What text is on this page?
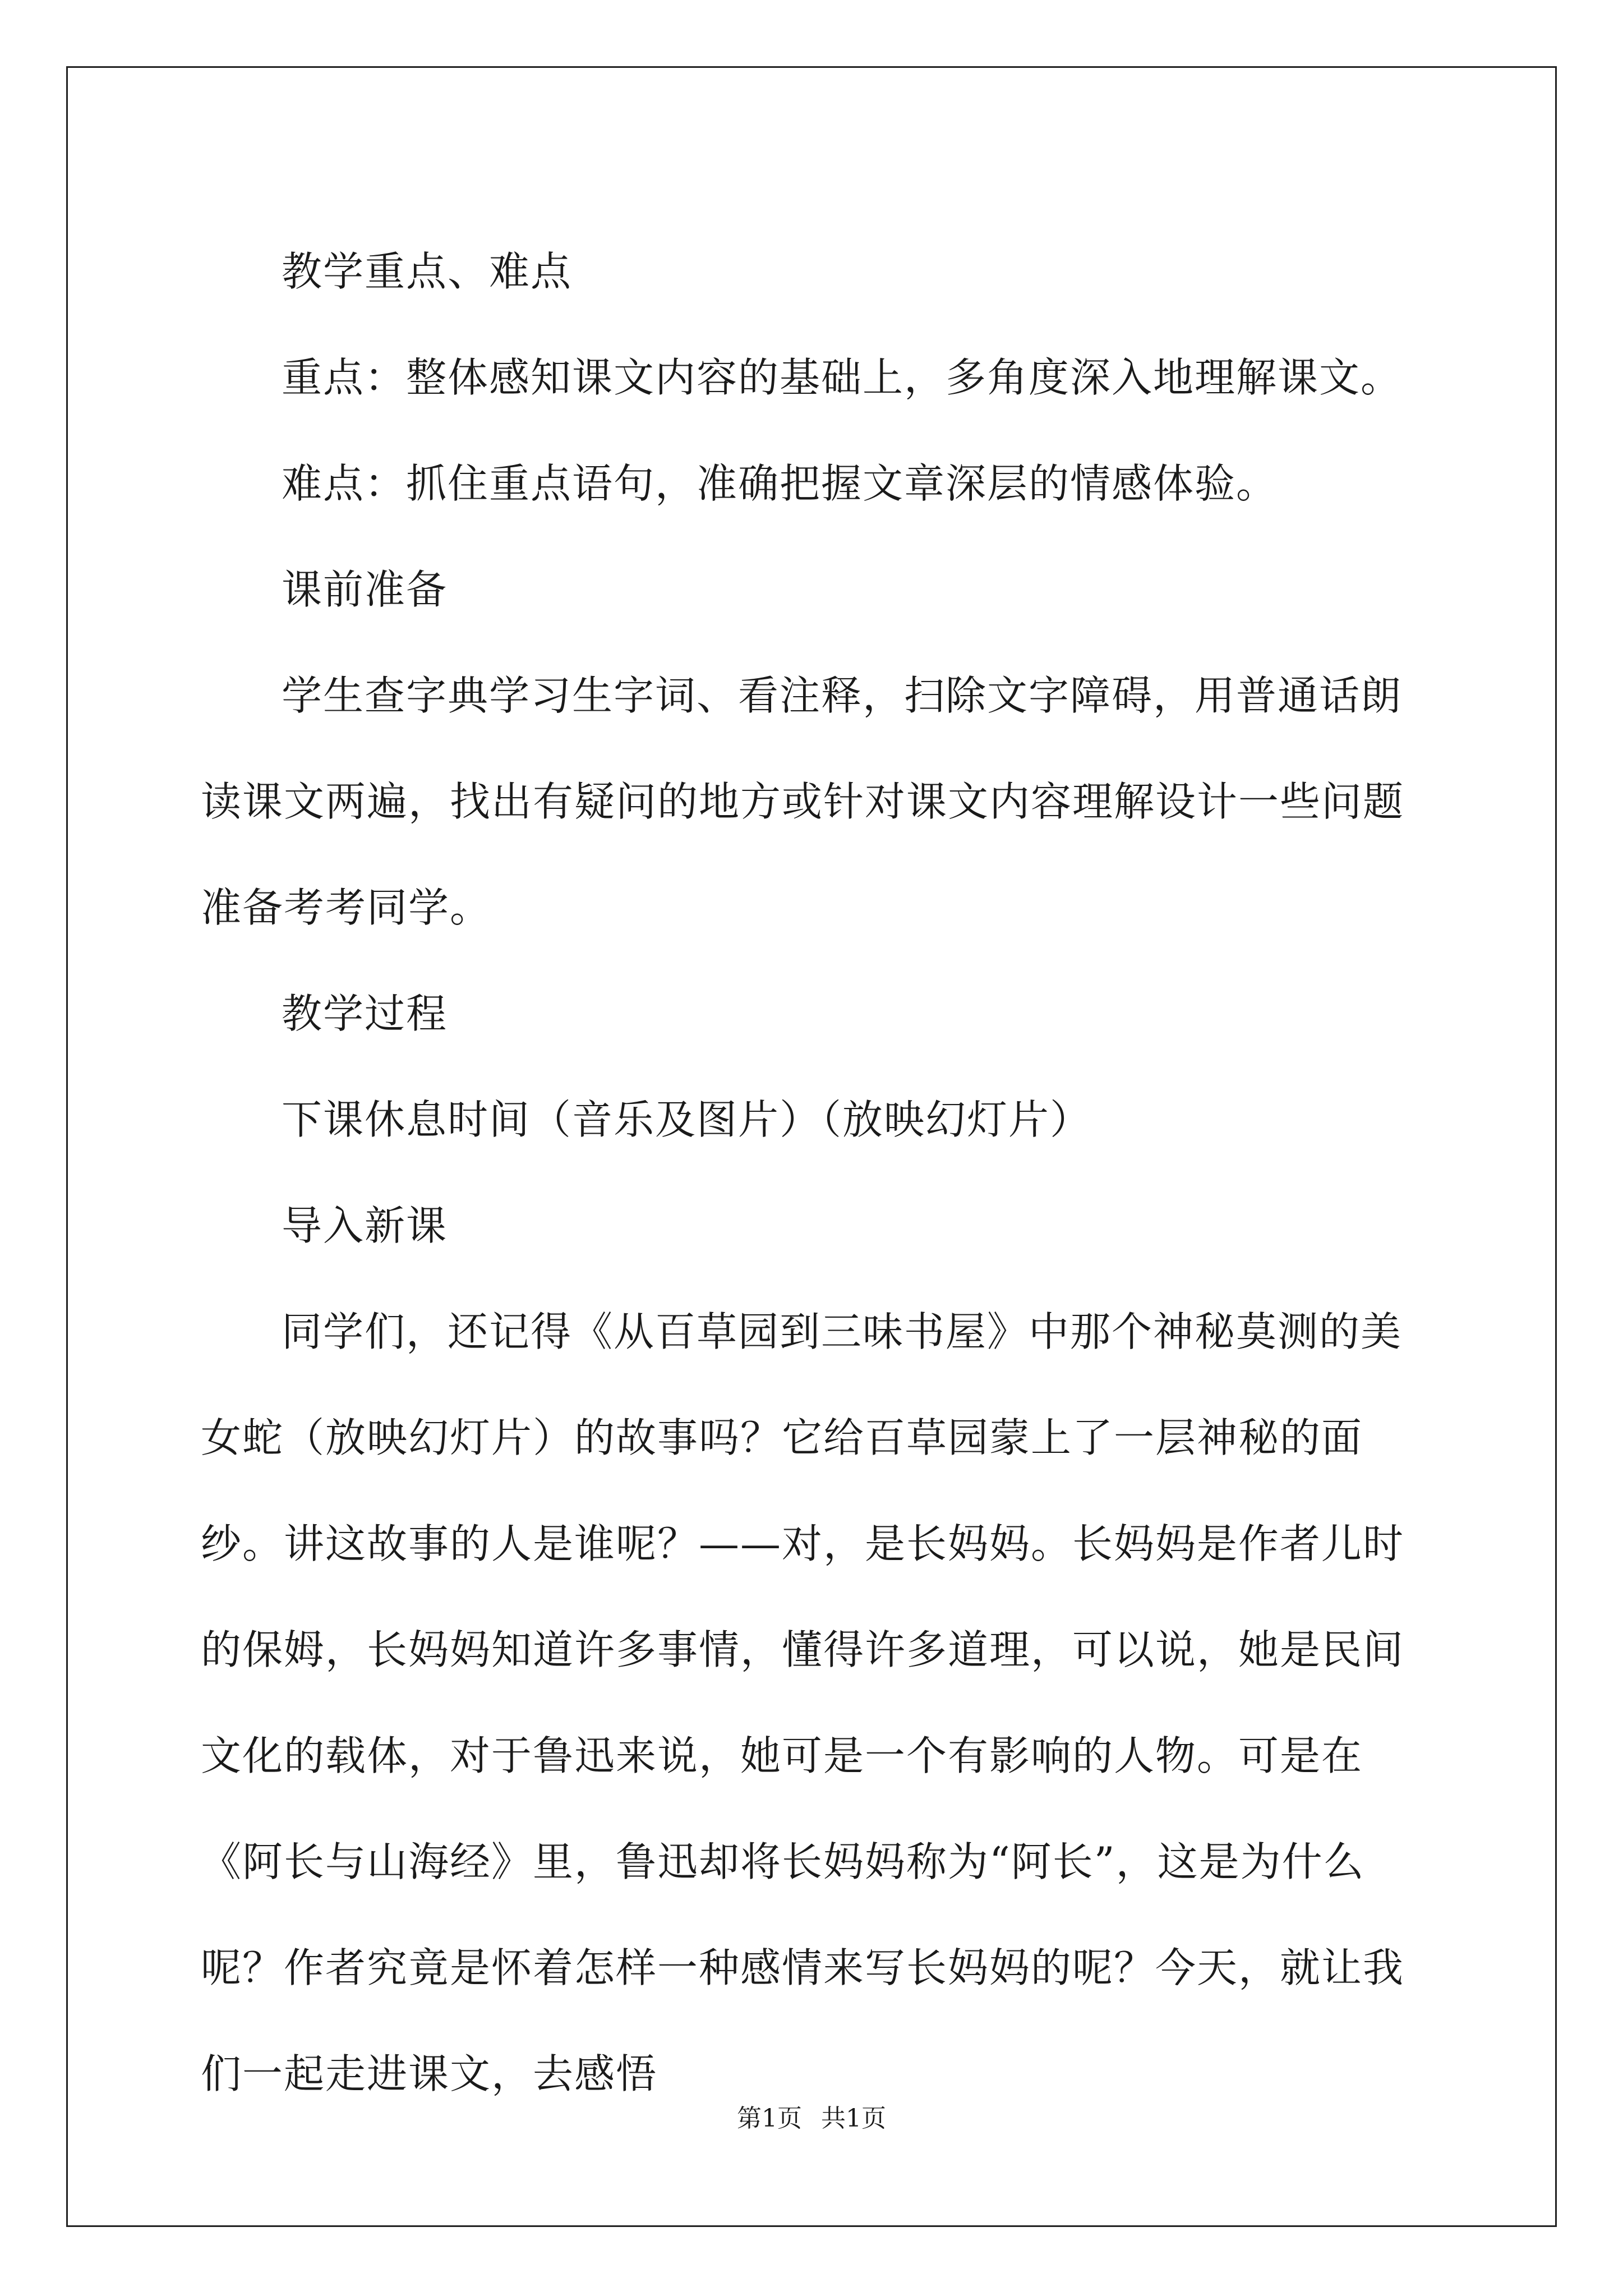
教学重点、难点

重点：整体感知课文内容的基础上，多角度深入地理解课文。

难点：抓住重点语句，准确把握文章深层的情感体验。

课前准备

学生查字典学习生字词、看注释，扫除文字障碍，用普通话朗读课文两遍，找出有疑问的地方或针对课文内容理解设计一些问题准备考考同学。

教学过程

下课休息时间（音乐及图片）（放映幻灯片）

导入新课

同学们，还记得《从百草园到三味书屋》中那个神秘莫测的美女蛇（放映幻灯片）的故事吗？它给百草园蒙上了一层神秘的面纱。讲这故事的人是谁呢？——对，是长妈妈。长妈妈是作者儿时的保姆，长妈妈知道许多事情，懂得许多道理，可以说，她是民间文化的载体，对于鲁迅来说，她可是一个有影响的人物。可是在《阿长与山海经》里，鲁迅却将长妈妈称为“阿长”，这是为什么呢？作者究竟是怀着怎样一种感情来写长妈妈的呢？今天，就让我们一起走进课文，去感悟

第1页 共1页
